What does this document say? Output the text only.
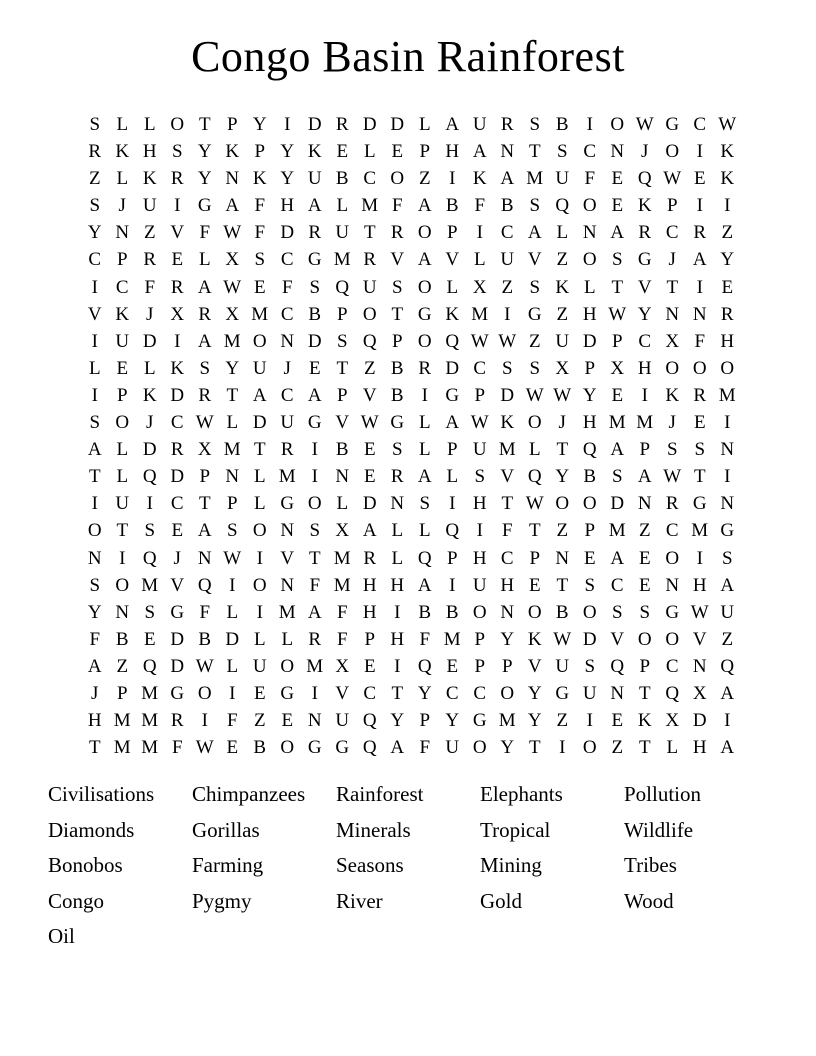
Congo Basin Rainforest
S L L O T P Y I D R D D L A U R S B I O W G C W
R K H S Y K P Y K E L E P H A N T S C N J O I K
Z L K R Y N K Y U B C O Z I K A M U F E Q W E K
S J U I G A F H A L M F A B F B S Q O E K P	I	I
Y N Z V F W F D R U T R O P	I C A L N A R C R Z
C P R E L X S C G M R V A V L U V Z O S G J A Y
I C F R A W E F S Q U S O L X Z S K L T V T I E
V K J X R X M C B P O T G K M I G Z H W Y N N R
I U D I A M O N D S Q P O Q W W Z U D P C X F H
L E L K S Y U J E T Z B R D C S S X P X H O O O
I	P K D R T A C A P V B I G P D W W Y E I K R M
S O J C W L D U G V W G L A W K O J H M M J E I
A L D R X M T R I B E S L P U M L T Q A P S S N
T L Q D P N L M I N E R A L S V Q Y B S A W T I
I U I C T P L G O L D N S	I H T W O O D N R G N
O T S E A S O N S X A L L Q I	F T Z P M Z C M G
N I Q J N W I V T M R L Q P H C P N E A E O I	S
S O M V Q I O N F M H H A I U H E T S C E N H A
Y N S G F L I M A F H I B B O N O B O S S G W U
F B E D B D L L R F P H F M P Y K W D V O O V Z
A Z Q D W L U O M X E I Q E P P V U S Q P C N Q
J P M G O I E G I V C T Y C C O Y G U N T Q X A
H M M R I	F Z E N U Q Y P Y G M Y Z I E K X D I
T M M F W E B O G G Q A F U O Y T I O Z T L H A
Civilisations	Chimpanzees	Rainforest	Elephants	Pollution
Diamonds	Gorillas	Minerals	Tropical	Wildlife
Bonobos	Farming	Seasons	Mining	Tribes
Congo	Pygmy	River	Gold	Wood
Oil
